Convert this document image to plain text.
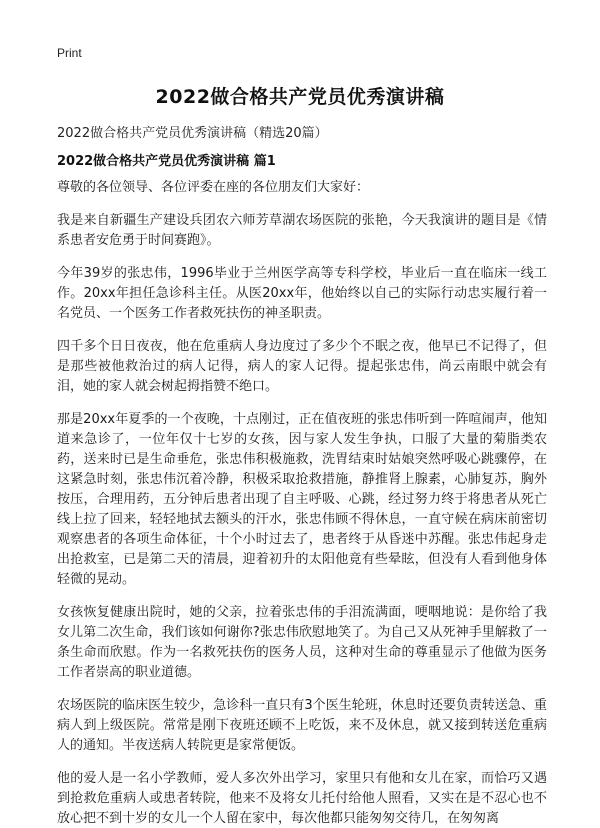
Print
2022做合格共产党员优秀演讲稿
2022做合格共产党员优秀演讲稿（精选20篇）
2022做合格共产党员优秀演讲稿 篇1

尊敬的各位领导、各位评委在座的各位朋友们大家好：

我是来自新疆生产建设兵团农六师芳草湖农场医院的张艳，今天我演讲的题目是《情系患者安危勇于时间赛跑》。

今年39岁的张忠伟，1996毕业于兰州医学高等专科学校，毕业后一直在临床一线工作。20xx年担任急诊科主任。从医20xx年，他始终以自己的实际行动忠实履行着一名党员、一个医务工作者救死扶伤的神圣职责。

四千多个日日夜夜，他在危重病人身边度过了多少个不眠之夜，他早已不记得了，但是那些被他救治过的病人记得，病人的家人记得。提起张忠伟，尚云南眼中就会有泪，她的家人就会树起拇指赞不绝口。

那是20xx年夏季的一个夜晚，十点刚过，正在值夜班的张忠伟听到一阵喧闹声，他知道来急诊了，一位年仅十七岁的女孩，因与家人发生争执，口服了大量的菊脂类农药，送来时已是生命垂危，张忠伟积极施救，洗胃结束时姑娘突然呼吸心跳骤停，在这紧急时刻，张忠伟沉着冷静，积极采取抢救措施，静推肾上腺素，心肺复苏，胸外按压，合理用药，五分钟后患者出现了自主呼吸、心跳，经过努力终于将患者从死亡线上拉了回来，轻轻地拭去额头的汗水，张忠伟顾不得休息，一直守候在病床前密切观察患者的各项生命体征，十个小时过去了，患者终于从昏迷中苏醒。张忠伟起身走出抢救室，已是第二天的清晨，迎着初升的太阳他竟有些晕眩，但没有人看到他身体轻微的晃动。

女孩恢复健康出院时，她的父亲，拉着张忠伟的手泪流满面，哽咽地说：是你给了我女儿第二次生命，我们该如何谢你?张忠伟欣慰地笑了。为自己又从死神手里解救了一条生命而欣慰。作为一名救死扶伤的医务人员，这种对生命的尊重显示了他做为医务工作者崇高的职业道德。

农场医院的临床医生较少，急诊科一直只有3个医生轮班，休息时还要负责转送急、重病人到上级医院。常常是刚下夜班还顾不上吃饭，来不及休息，就又接到转送危重病人的通知。半夜送病人转院更是家常便饭。

他的爱人是一名小学教师，爱人多次外出学习，家里只有他和女儿在家，而恰巧又遇到抢救危重病人或患者转院，他来不及将女儿托付给他人照看，又实在是不忍心也不放心把不到十岁的女儿一个人留在家中，每次他都只能匆匆交待几，在匆匆离
